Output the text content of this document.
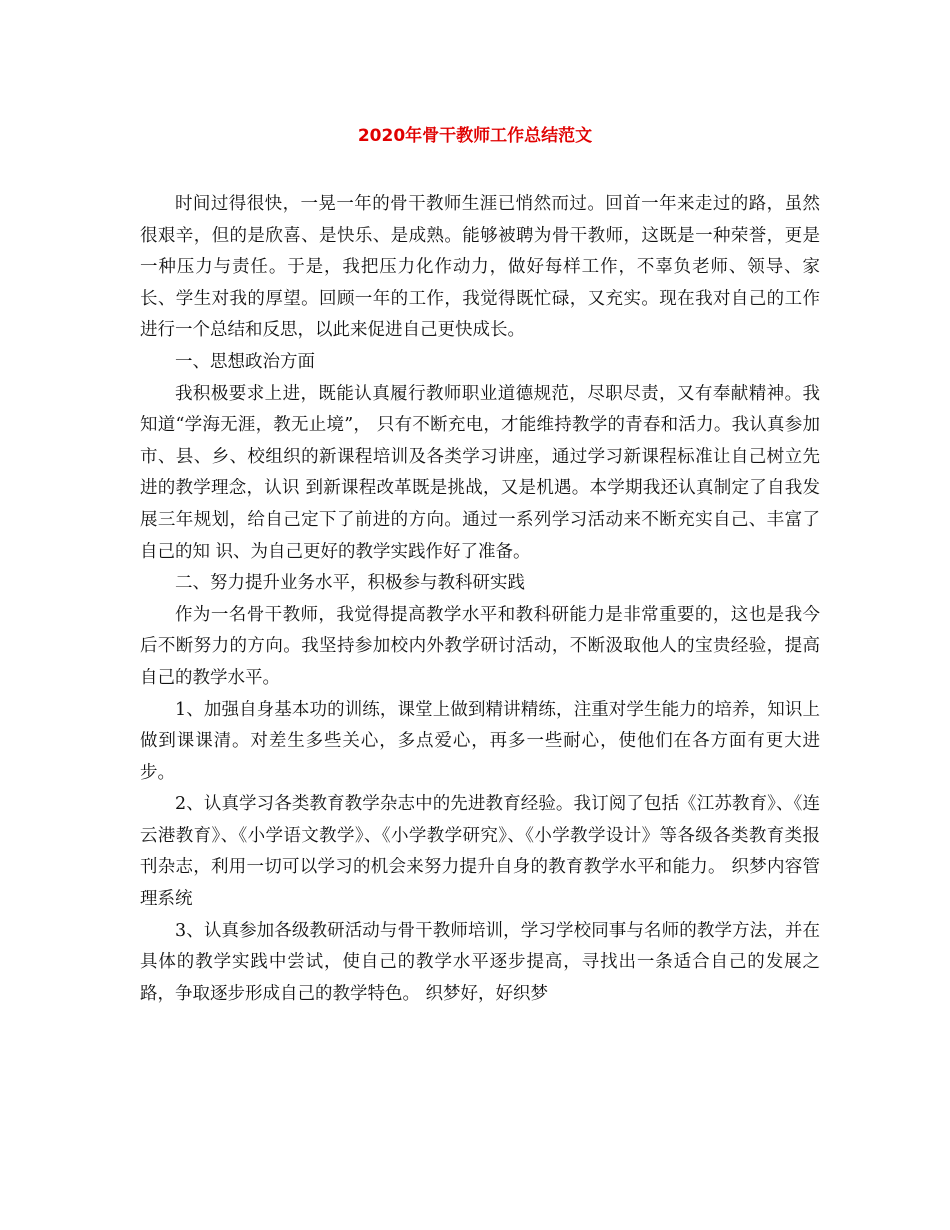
2020年骨干教师工作总结范文

时间过得很快，一晃一年的骨干教师生涯已悄然而过。回首一年来走过的路，虽然很艰辛，但的是欣喜、是快乐、是成熟。能够被聘为骨干教师，这既是一种荣誉，更是一种压力与责任。于是，我把压力化作动力，做好每样工作，不辜负老师、领导、家长、学生对我的厚望。回顾一年的工作，我觉得既忙碌，又充实。现在我对自己的工作进行一个总结和反思，以此来促进自己更快成长。

一、思想政治方面

我积极要求上进，既能认真履行教师职业道德规范，尽职尽责，又有奉献精神。我知道“学海无涯，教无止境”， 只有不断充电，才能维持教学的青春和活力。我认真参加市、县、乡、校组织的新课程培训及各类学习讲座，通过学习新课程标准让自己树立先进的教学理念，认识 到新课程改革既是挑战，又是机遇。本学期我还认真制定了自我发展三年规划，给自己定下了前进的方向。通过一系列学习活动来不断充实自己、丰富了自己的知 识、为自己更好的教学实践作好了准备。

二、努力提升业务水平，积极参与教科研实践

作为一名骨干教师，我觉得提高教学水平和教科研能力是非常重要的，这也是我今后不断努力的方向。我坚持参加校内外教学研讨活动，不断汲取他人的宝贵经验，提高自己的教学水平。

1、加强自身基本功的训练，课堂上做到精讲精练，注重对学生能力的培养，知识上做到课课清。对差生多些关心，多点爱心，再多一些耐心，使他们在各方面有更大进步。

2、认真学习各类教育教学杂志中的先进教育经验。我订阅了包括《江苏教育》、《连云港教育》、《小学语文教学》、《小学教学研究》、《小学教学设计》等各级各类教育类报刊杂志，利用一切可以学习的机会来努力提升自身的教育教学水平和能力。 织梦内容管理系统

3、认真参加各级教研活动与骨干教师培训，学习学校同事与名师的教学方法，并在具体的教学实践中尝试，使自己的教学水平逐步提高，寻找出一条适合自己的发展之路，争取逐步形成自己的教学特色。 织梦好，好织梦
